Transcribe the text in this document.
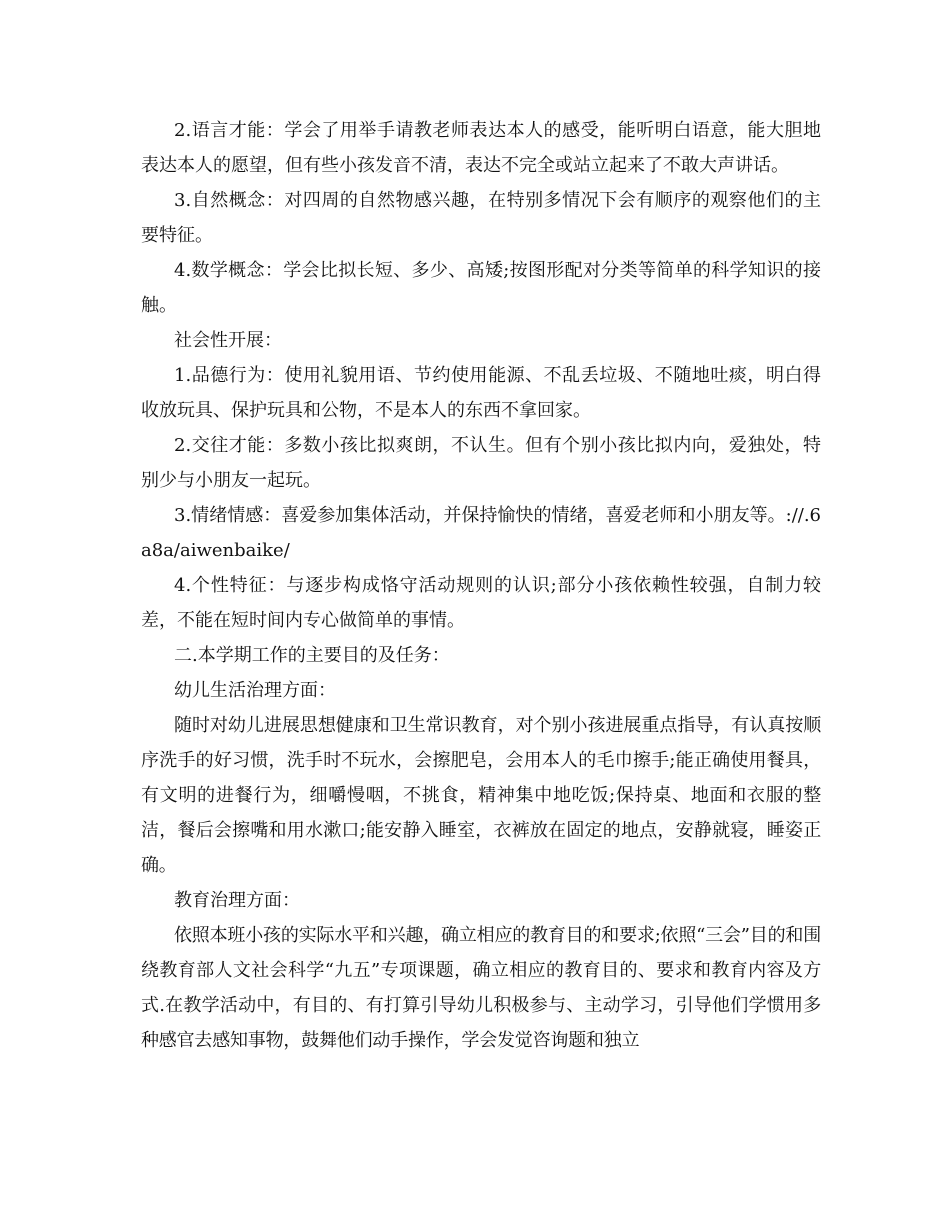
2.语言才能：学会了用举手请教老师表达本人的感受，能听明白语意，能大胆地表达本人的愿望，但有些小孩发音不清，表达不完全或站立起来了不敢大声讲话。

3.自然概念：对四周的自然物感兴趣，在特别多情况下会有顺序的观察他们的主要特征。

4.数学概念：学会比拟长短、多少、高矮;按图形配对分类等简单的科学知识的接触。

社会性开展：

1.品德行为：使用礼貌用语、节约使用能源、不乱丢垃圾、不随地吐痰，明白得收放玩具、保护玩具和公物，不是本人的东西不拿回家。

2.交往才能：多数小孩比拟爽朗，不认生。但有个别小孩比拟内向，爱独处，特别少与小朋友一起玩。

3.情绪情感：喜爱参加集体活动，并保持愉快的情绪，喜爱老师和小朋友等。://.6a8a/aiwenbaike/

4.个性特征：与逐步构成恪守活动规则的认识;部分小孩依赖性较强，自制力较差，不能在短时间内专心做简单的事情。

二.本学期工作的主要目的及任务：

幼儿生活治理方面：

随时对幼儿进展思想健康和卫生常识教育，对个别小孩进展重点指导，有认真按顺序洗手的好习惯，洗手时不玩水，会擦肥皂，会用本人的毛巾擦手;能正确使用餐具，有文明的进餐行为，细嚼慢咽，不挑食，精神集中地吃饭;保持桌、地面和衣服的整洁，餐后会擦嘴和用水漱口;能安静入睡室，衣裤放在固定的地点，安静就寝，睡姿正确。

教育治理方面：

依照本班小孩的实际水平和兴趣，确立相应的教育目的和要求;依照“三会”目的和围绕教育部人文社会科学“九五”专项课题，确立相应的教育目的、要求和教育内容及方式.在教学活动中，有目的、有打算引导幼儿积极参与、主动学习，引导他们学惯用多种感官去感知事物，鼓舞他们动手操作，学会发觉咨询题和独立
